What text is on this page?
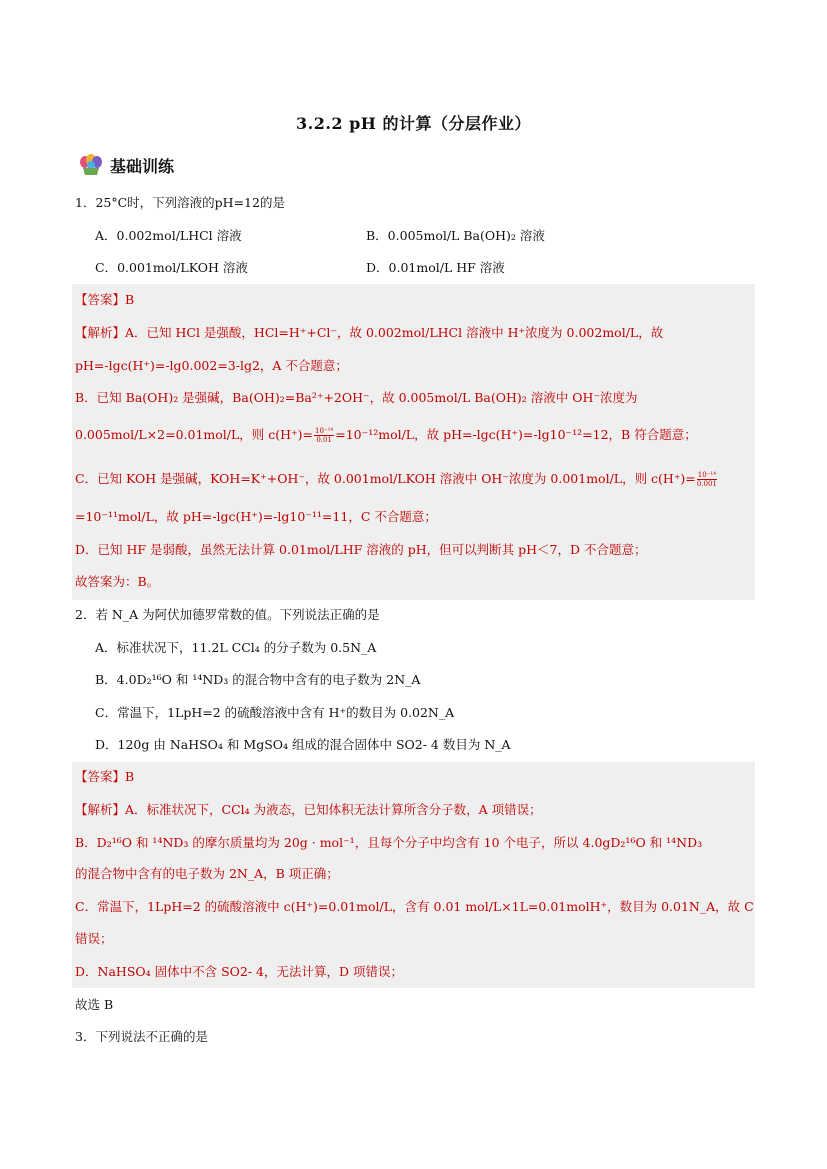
3.2.2 pH 的计算（分层作业）
基础训练
1．25°C时，下列溶液的pH=12的是
A．0.002mol/LHCl 溶液	B．0.005mol/L Ba(OH)₂ 溶液
C．0.001mol/LKOH 溶液	D．0.01mol/L HF 溶液
【答案】B
【解析】A．已知 HCl 是强酸，HCl=H⁺+Cl⁻，故 0.002mol/LHCl 溶液中 H⁺浓度为 0.002mol/L，故
pH=-lgc(H⁺)=-lg0.002=3-lg2，A 不合题意；
B．已知 Ba(OH)₂ 是强碱，Ba(OH)₂=Ba²⁺+2OH⁻，故 0.005mol/L Ba(OH)₂ 溶液中 OH⁻浓度为
0.005mol/L×2=0.01mol/L，则 $c(H^+)= \frac{\text{10⁻¹⁴}}{0.01} =10^{-12}mol/L$，故 pH=-lgc(H⁺)=-lg10⁻¹²=12，B 符合题意；
C．已知 KOH 是强碱，KOH=K⁺+OH⁻，故 0.001mol/LKOH 溶液中 OH⁻浓度为 0.001mol/L，则 $c(H^+)= \frac{\text{10⁻¹⁴}}{0.001}$
=10⁻¹¹mol/L，故 pH=-lgc(H⁺)=-lg10⁻¹¹=11，C 不合题意；
D．已知 HF 是弱酸，虽然无法计算 0.01mol/LHF 溶液的 pH，但可以判断其 pH＜7，D 不合题意；
故答案为：B。
2．若 N_A 为阿伏加德罗常数的值。下列说法正确的是
A．标准状况下，11.2L CCl₄ 的分子数为 0.5N_A
B．4.0D₂¹⁶O 和 ¹⁴ND₃ 的混合物中含有的电子数为 2N_A
C．常温下，1LpH=2 的硫酸溶液中含有 H⁺的数目为 0.02N_A
D．120g 由 NaHSO₄ 和 MgSO₄ 组成的混合固体中 SO2- 4 数目为 N_A
【答案】B
【解析】A．标准状况下，CCl₄ 为液态，已知体积无法计算所含分子数，A 项错误；
B．D₂¹⁶O 和 ¹⁴ND₃ 的摩尔质量均为 20g · mol⁻¹，且每个分子中均含有 10 个电子，所以 4.0gD₂¹⁶O 和 ¹⁴ND₃
的混合物中含有的电子数为 2N_A，B 项正确；
C．常温下，1LpH=2 的硫酸溶液中 c(H⁺)=0.01mol/L，含有 0.01 mol/L×1L=0.01molH⁺，数目为 0.01N_A，故 C
错误；
D．NaHSO₄ 固体中不含 SO2- 4，无法计算，D 项错误；
故选 B
3．下列说法不正确的是
